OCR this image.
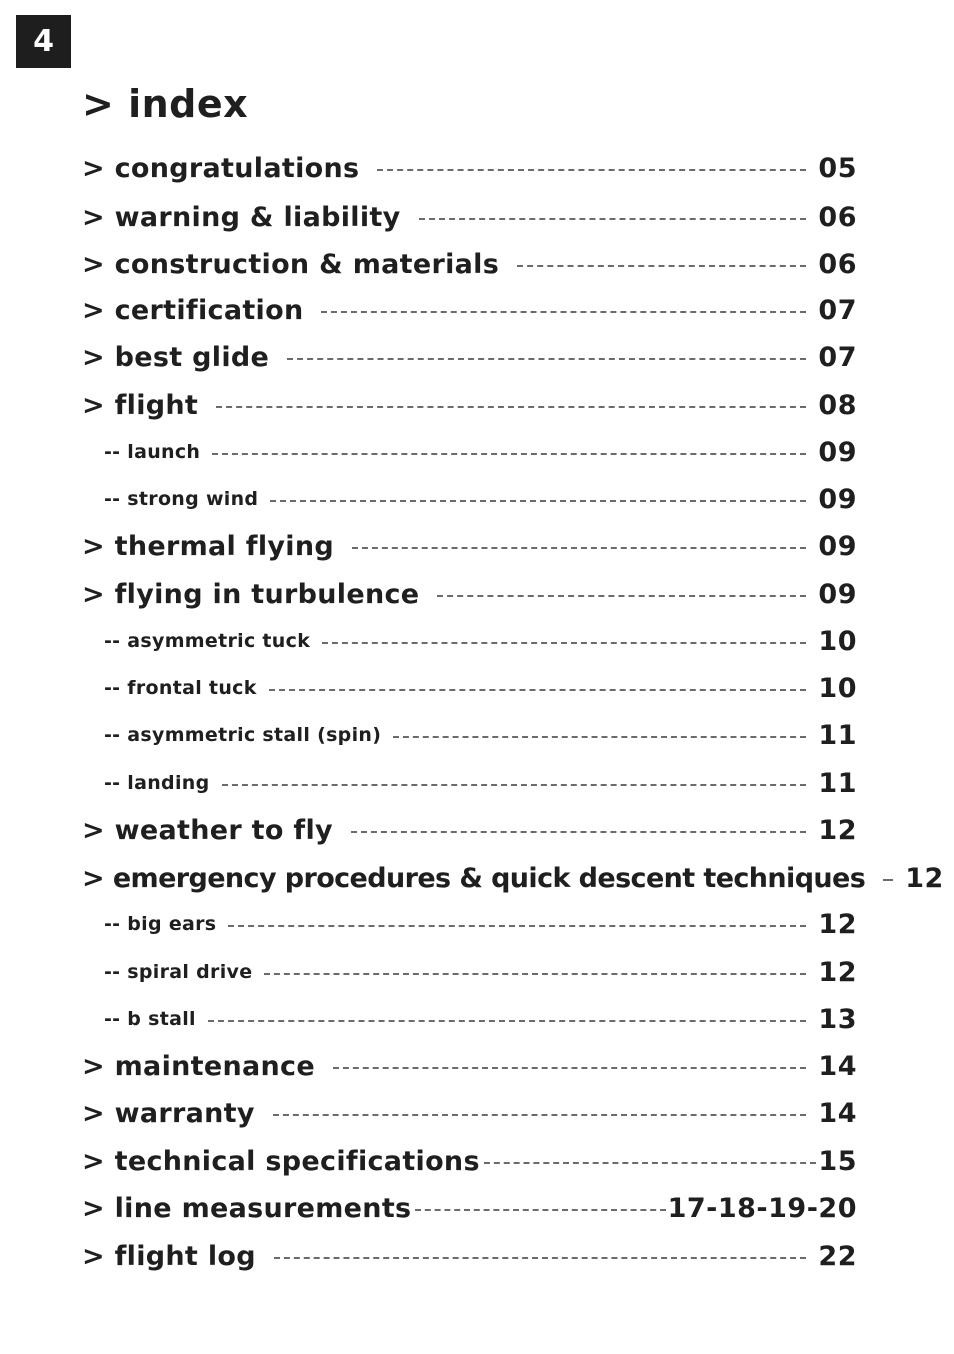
4
> index
> congratulations	05
> warning & liability	06
> construction & materials	06
> certification	07
> best glide	07
> flight	08
-- launch	09
-- strong wind	09
> thermal flying	09
> flying in turbulence	09
-- asymmetric tuck	10
-- frontal tuck	10
-- asymmetric stall (spin)	11
-- landing	11
> weather to fly	12
> emergency procedures & quick descent techniques 12
-- big ears	12
-- spiral drive	12
-- b stall	13
> maintenance	14
> warranty	14
> technical specifications	15
> line measurements	17-18-19-20
> flight log	22
